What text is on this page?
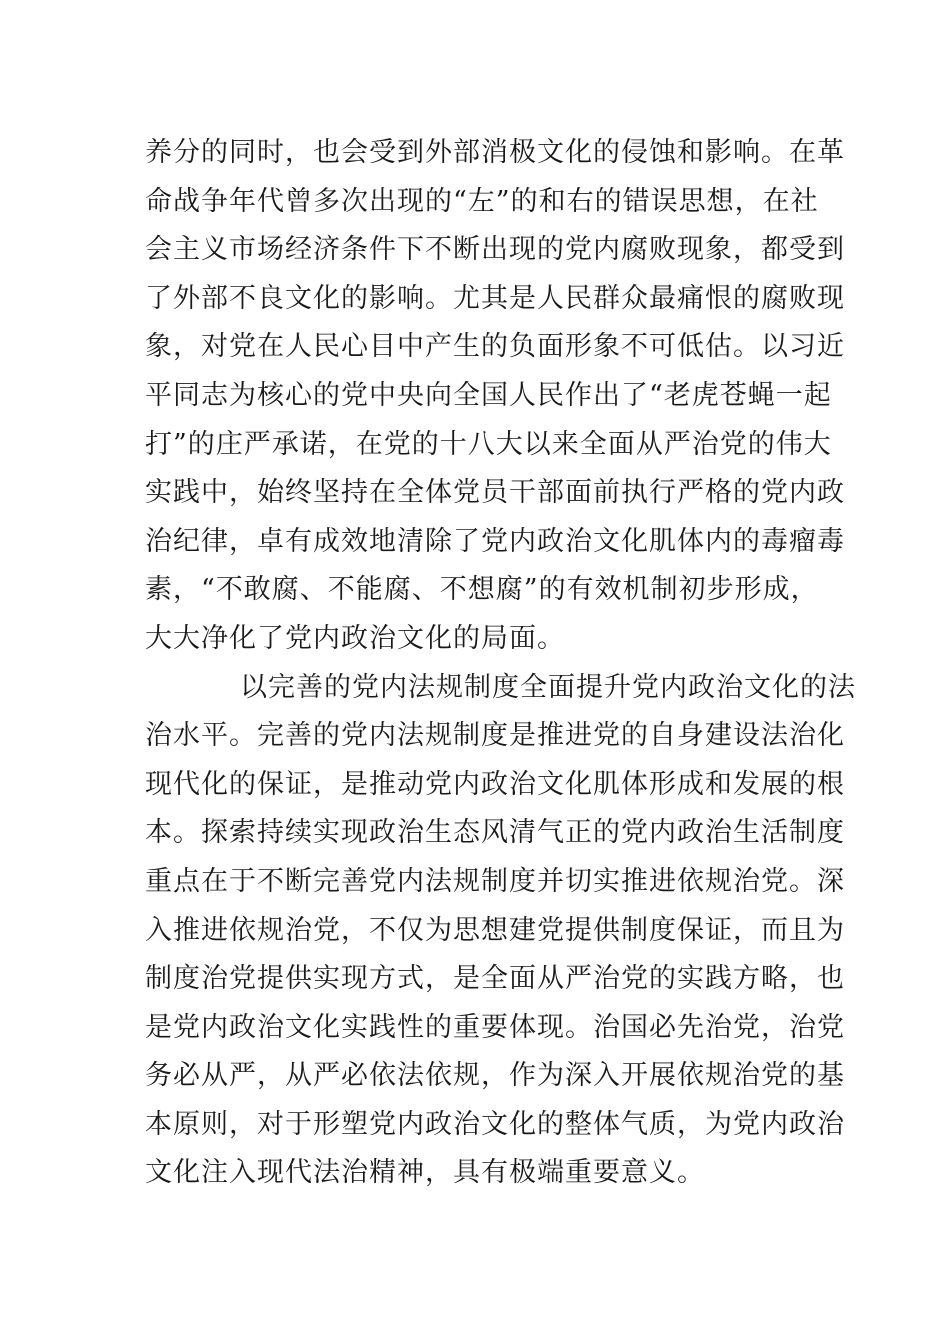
养分的同时，也会受到外部消极文化的侵蚀和影响。在革
命战争年代曾多次出现的“左”的和右的错误思想，在社
会主义市场经济条件下不断出现的党内腐败现象，都受到
了外部不良文化的影响。尤其是人民群众最痛恨的腐败现
象，对党在人民心目中产生的负面形象不可低估。以习近
平同志为核心的党中央向全国人民作出了“老虎苍蝇一起
打”的庄严承诺，在党的十八大以来全面从严治党的伟大
实践中，始终坚持在全体党员干部面前执行严格的党内政
治纪律，卓有成效地清除了党内政治文化肌体内的毒瘤毒
素，“不敢腐、不能腐、不想腐”的有效机制初步形成，
大大净化了党内政治文化的局面。
以完善的党内法规制度全面提升党内政治文化的法
治水平。完善的党内法规制度是推进党的自身建设法治化
现代化的保证，是推动党内政治文化肌体形成和发展的根
本。探索持续实现政治生态风清气正的党内政治生活制度
重点在于不断完善党内法规制度并切实推进依规治党。深
入推进依规治党，不仅为思想建党提供制度保证，而且为
制度治党提供实现方式，是全面从严治党的实践方略，也
是党内政治文化实践性的重要体现。治国必先治党，治党
务必从严，从严必依法依规，作为深入开展依规治党的基
本原则，对于形塑党内政治文化的整体气质，为党内政治
文化注入现代法治精神，具有极端重要意义。
